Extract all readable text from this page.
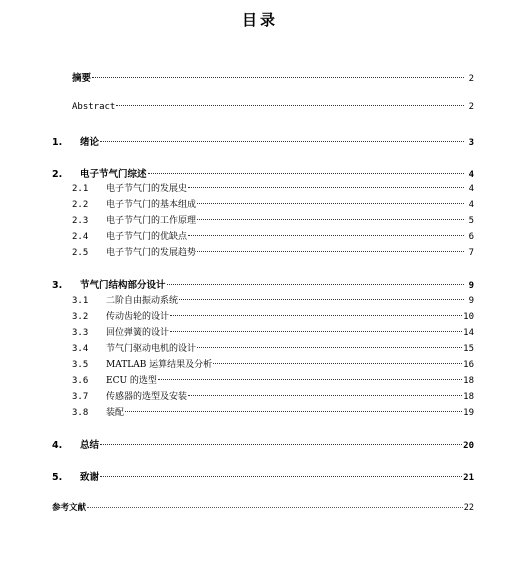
目录
摘要	2
Abstract	2
1.	绪论	3
2.	电子节气门综述	4
2.1	电子节气门的发展史	4
2.2	电子节气门的基本组成	4
2.3	电子节气门的工作原理	5
2.4	电子节气门的优缺点	6
2.5	电子节气门的发展趋势	7
3.	节气门结构部分设计	9
3.1	二阶自由振动系统	9
3.2	传动齿轮的设计	10
3.3	回位弹簧的设计	14
3.4	节气门驱动电机的设计	15
3.5	MATLAB 运算结果及分析	16
3.6	ECU 的选型	18
3.7	传感器的选型及安装	18
3.8	装配	19
4.	总结	20
5.	致谢	21
参考文献	22
